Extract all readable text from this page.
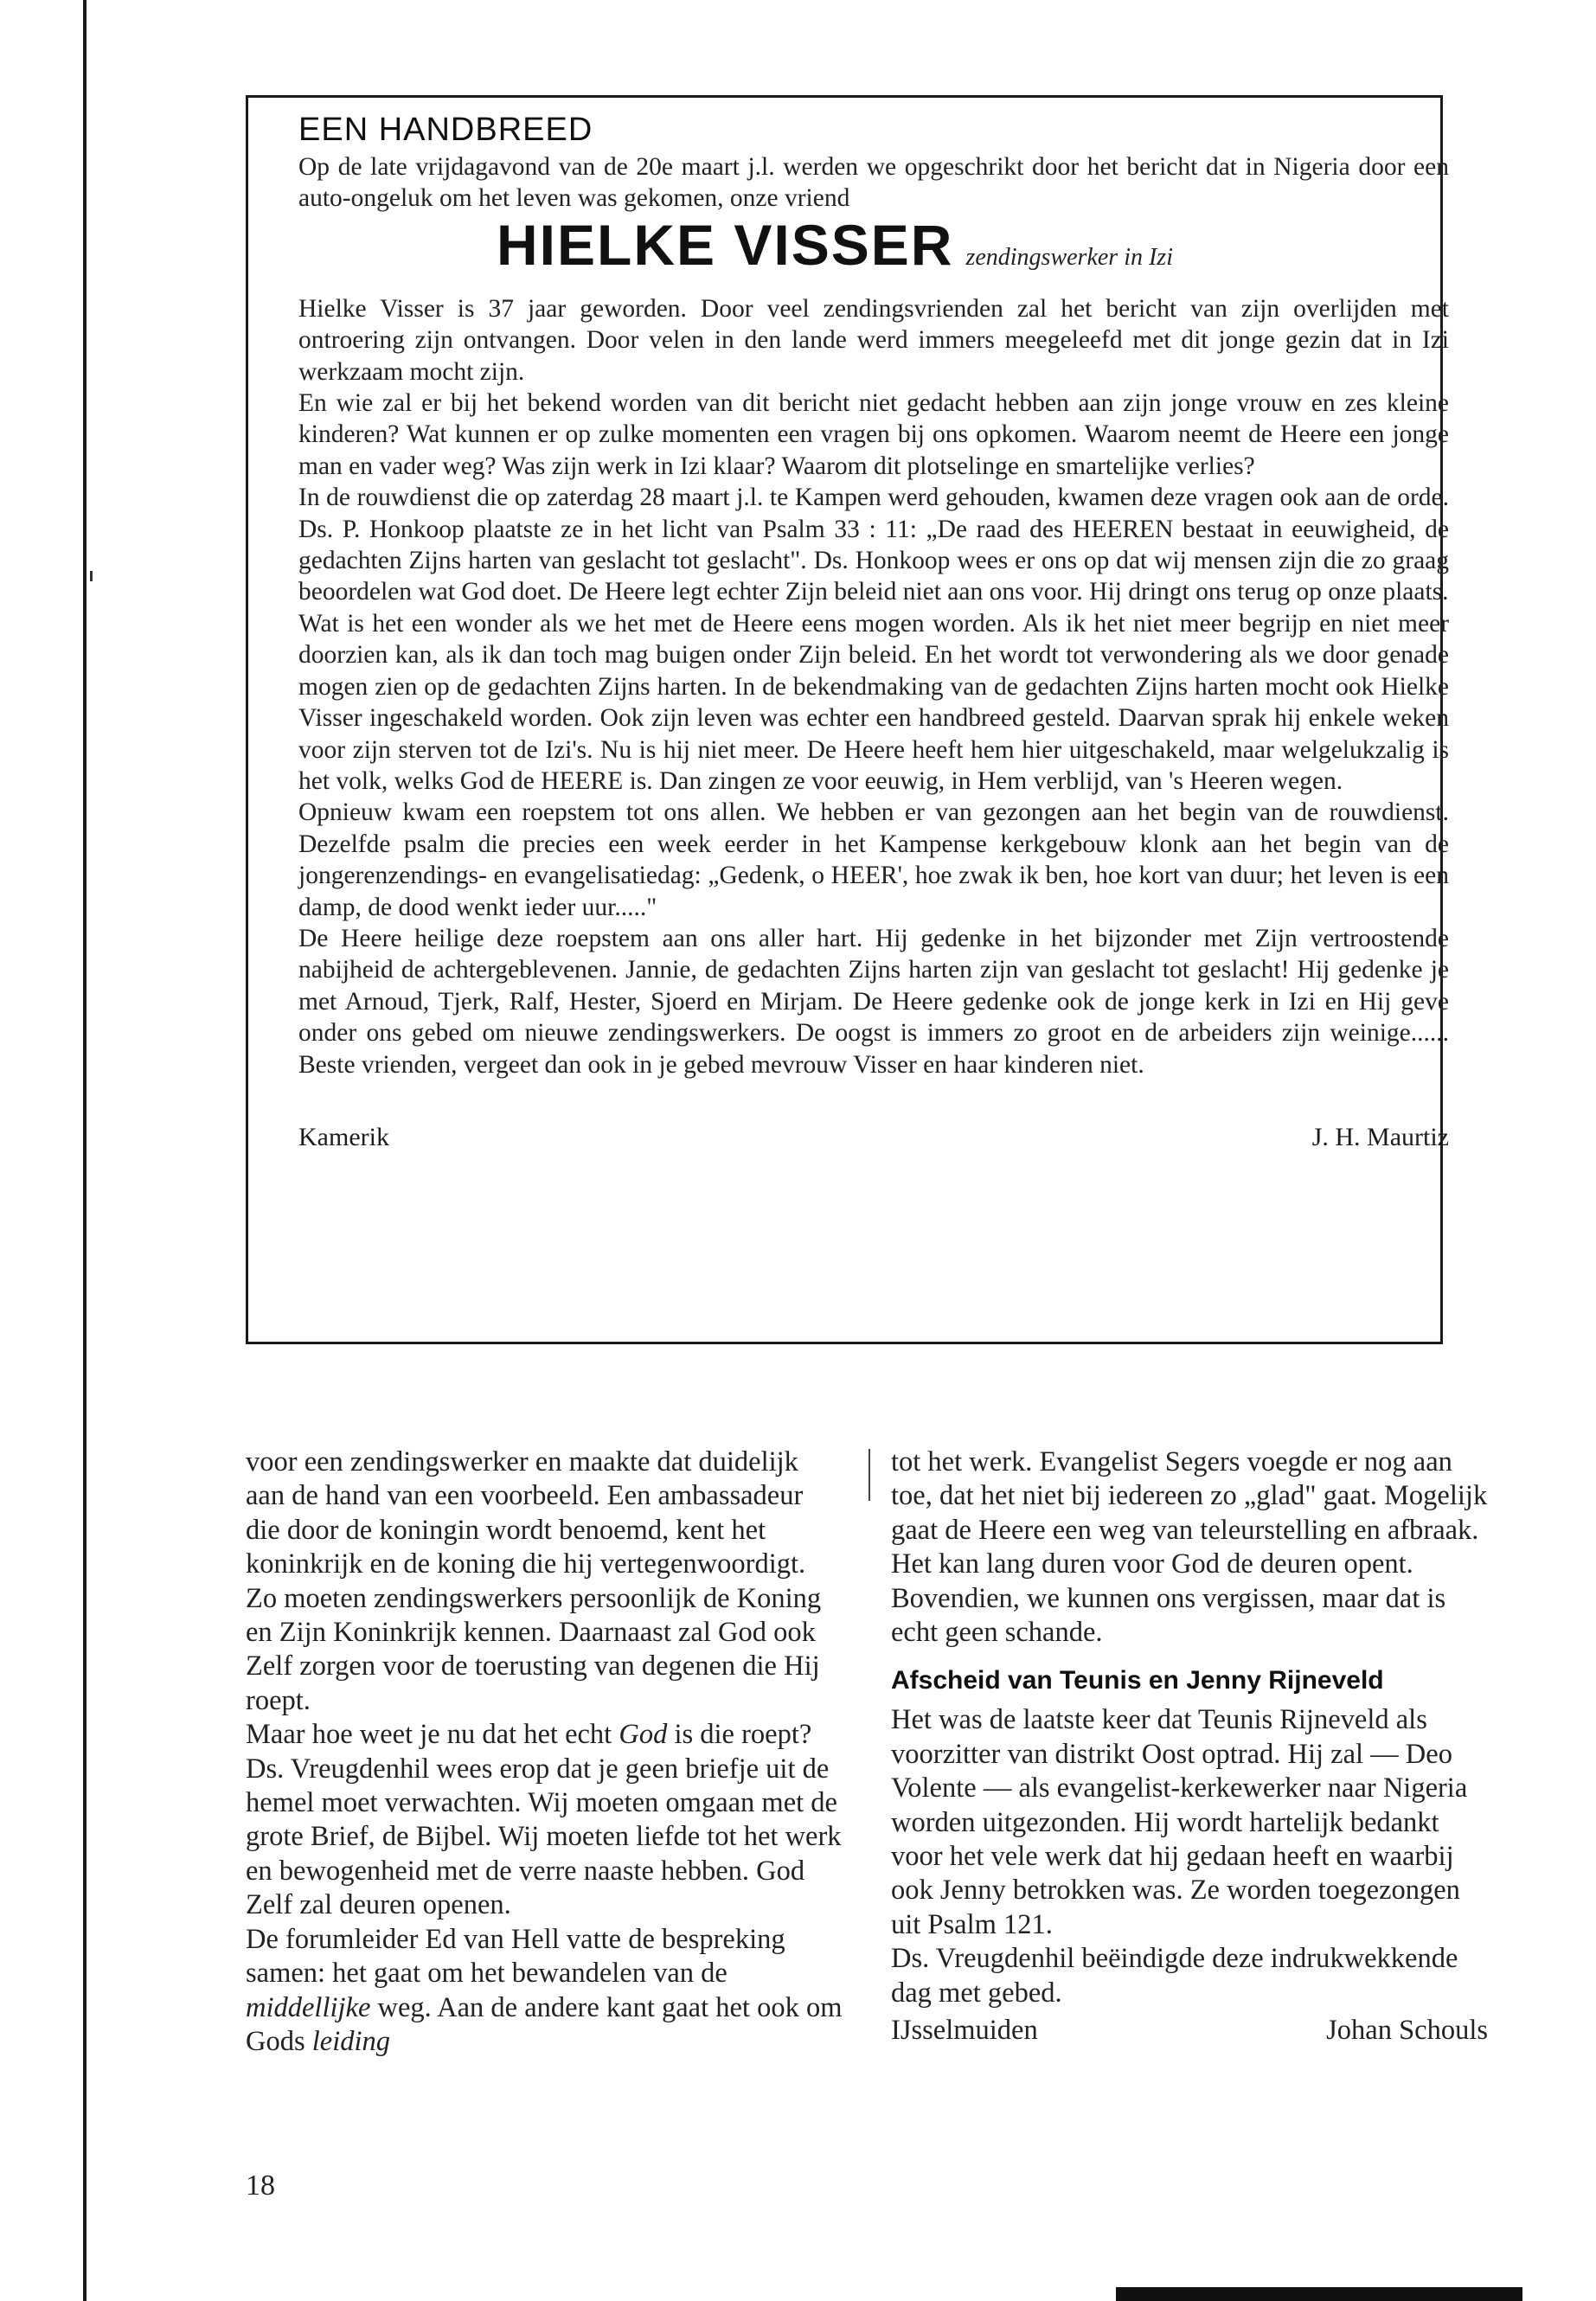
EEN HANDBREED

Op de late vrijdagavond van de 20e maart j.l. werden we opgeschrikt door het bericht dat in Nigeria door een auto-ongeluk om het leven was gekomen, onze vriend

HIELKE VISSER zendingswerker in Izi

Hielke Visser is 37 jaar geworden. Door veel zendingsvrienden zal het bericht van zijn overlijden met ontroering zijn ontvangen. Door velen in den lande werd immers meegeleefd met dit jonge gezin dat in Izi werkzaam mocht zijn.

En wie zal er bij het bekend worden van dit bericht niet gedacht hebben aan zijn jonge vrouw en zes kleine kinderen? Wat kunnen er op zulke momenten een vragen bij ons opkomen. Waarom neemt de Heere een jonge man en vader weg? Was zijn werk in Izi klaar? Waarom dit plotselinge en smartelijke verlies?

In de rouwdienst die op zaterdag 28 maart j.l. te Kampen werd gehouden, kwamen deze vragen ook aan de orde. Ds. P. Honkoop plaatste ze in het licht van Psalm 33 : 11: „De raad des HEEREN bestaat in eeuwigheid, de gedachten Zijns harten van geslacht tot geslacht". Ds. Honkoop wees er ons op dat wij mensen zijn die zo graag beoordelen wat God doet. De Heere legt echter Zijn beleid niet aan ons voor. Hij dringt ons terug op onze plaats.

Wat is het een wonder als we het met de Heere eens mogen worden. Als ik het niet meer begrijp en niet meer doorzien kan, als ik dan toch mag buigen onder Zijn beleid. En het wordt tot verwondering als we door genade mogen zien op de gedachten Zijns harten. In de bekendmaking van de gedachten Zijns harten mocht ook Hielke Visser ingeschakeld worden. Ook zijn leven was echter een handbreed gesteld. Daarvan sprak hij enkele weken voor zijn sterven tot de Izi's. Nu is hij niet meer. De Heere heeft hem hier uitgeschakeld, maar welgelukzalig is het volk, welks God de HEERE is. Dan zingen ze voor eeuwig, in Hem verblijd, van 's Heeren wegen.

Opnieuw kwam een roepstem tot ons allen. We hebben er van gezongen aan het begin van de rouwdienst. Dezelfde psalm die precies een week eerder in het Kampense kerkgebouw klonk aan het begin van de jongerenzendings- en evangelisatiedag: „Gedenk, o HEER', hoe zwak ik ben, hoe kort van duur; het leven is een damp, de dood wenkt ieder uur....."

De Heere heilige deze roepstem aan ons aller hart. Hij gedenke in het bijzonder met Zijn vertroostende nabijheid de achtergeblevenen. Jannie, de gedachten Zijns harten zijn van geslacht tot geslacht! Hij gedenke je met Arnoud, Tjerk, Ralf, Hester, Sjoerd en Mirjam. De Heere gedenke ook de jonge kerk in Izi en Hij geve onder ons gebed om nieuwe zendingswerkers. De oogst is immers zo groot en de arbeiders zijn weinige...... Beste vrienden, vergeet dan ook in je gebed mevrouw Visser en haar kinderen niet.

Kamerik	J. H. Maurtiz

voor een zendingswerker en maakte dat duidelijk aan de hand van een voorbeeld. Een ambassadeur die door de koningin wordt benoemd, kent het koninkrijk en de koning die hij vertegenwoordigt. Zo moeten zendingswerkers persoonlijk de Koning en Zijn Koninkrijk kennen. Daarnaast zal God ook Zelf zorgen voor de toerusting van degenen die Hij roept.

Maar hoe weet je nu dat het echt God is die roept? Ds. Vreugdenhil wees erop dat je geen briefje uit de hemel moet verwachten. Wij moeten omgaan met de grote Brief, de Bijbel. Wij moeten liefde tot het werk en bewogenheid met de verre naaste hebben. God Zelf zal deuren openen.

De forumleider Ed van Hell vatte de bespreking samen: het gaat om het bewandelen van de middellijke weg. Aan de andere kant gaat het ook om Gods leiding

tot het werk. Evangelist Segers voegde er nog aan toe, dat het niet bij iedereen zo „glad" gaat. Mogelijk gaat de Heere een weg van teleurstelling en afbraak. Het kan lang duren voor God de deuren opent. Bovendien, we kunnen ons vergissen, maar dat is echt geen schande.

Afscheid van Teunis en Jenny Rijneveld

Het was de laatste keer dat Teunis Rijneveld als voorzitter van distrikt Oost optrad. Hij zal — Deo Volente — als evangelist-kerkewerker naar Nigeria worden uitgezonden. Hij wordt hartelijk bedankt voor het vele werk dat hij gedaan heeft en waarbij ook Jenny betrokken was. Ze worden toegezongen uit Psalm 121.

Ds. Vreugdenhil beëindigde deze indrukwekkende dag met gebed.

IJsselmuiden	Johan Schouls
18
